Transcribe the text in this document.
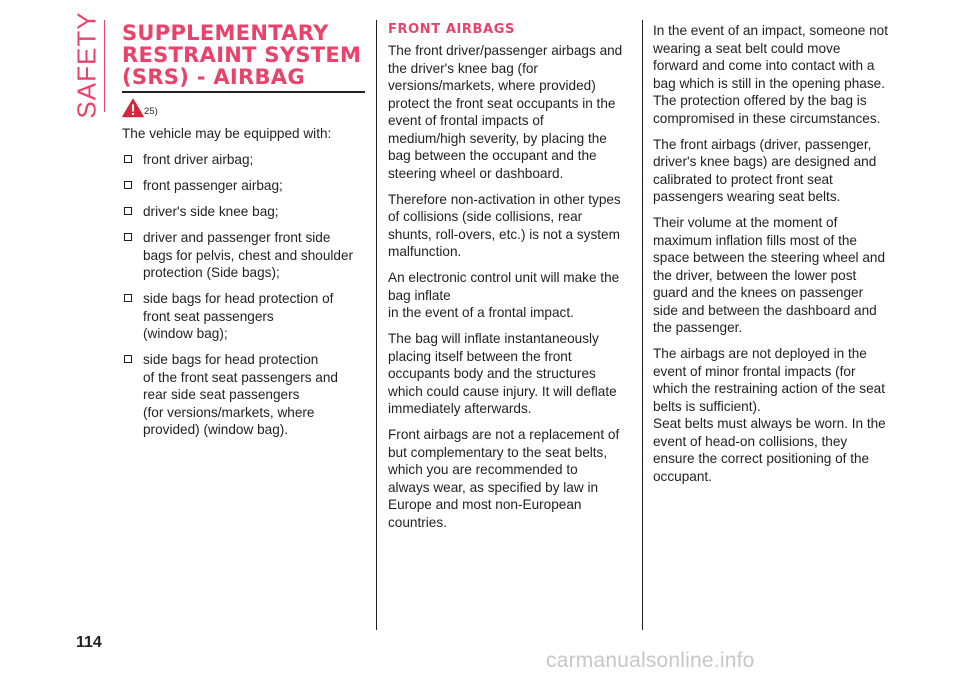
SAFETY SUPPLEMENTARY
RESTRAINT SYSTEM
(SRS) - AIRBAG
25)

The vehicle may be equipped with:

front driver airbag;
front passenger airbag;
driver's side knee bag;
driver and passenger front side
bags for pelvis, chest and shoulder
protection (Side bags);
side bags for head protection of
front seat passengers
(window bag);
side bags for head protection
of the front seat passengers and
rear side seat passengers
(for versions/markets, where
provided) (window bag).
FRONT AIRBAGS

The front driver/passenger airbags and
the driver's knee bag (for
versions/markets, where provided)
protect the front seat occupants in the
event of frontal impacts of
medium/high severity, by placing the
bag between the occupant and the
steering wheel or dashboard.

Therefore non-activation in other types
of collisions (side collisions, rear
shunts, roll-overs, etc.) is not a system
malfunction.

An electronic control unit will make the
bag inflate
in the event of a frontal impact.

The bag will inflate instantaneously
placing itself between the front
occupants body and the structures
which could cause injury. It will deflate
immediately afterwards.

Front airbags are not a replacement of
but complementary to the seat belts,
which you are recommended to
always wear, as specified by law in
Europe and most non-European
countries.

In the event of an impact, someone not
wearing a seat belt could move
forward and come into contact with a
bag which is still in the opening phase.
The protection offered by the bag is
compromised in these circumstances.

The front airbags (driver, passenger,
driver's knee bags) are designed and
calibrated to protect front seat
passengers wearing seat belts.

Their volume at the moment of
maximum inflation fills most of the
space between the steering wheel and
the driver, between the lower post
guard and the knees on passenger
side and between the dashboard and
the passenger.

The airbags are not deployed in the
event of minor frontal impacts (for
which the restraining action of the seat
belts is sufficient).
Seat belts must always be worn. In the
event of head-on collisions, they
ensure the correct positioning of the
occupant.

114
carmanualsonline.info
